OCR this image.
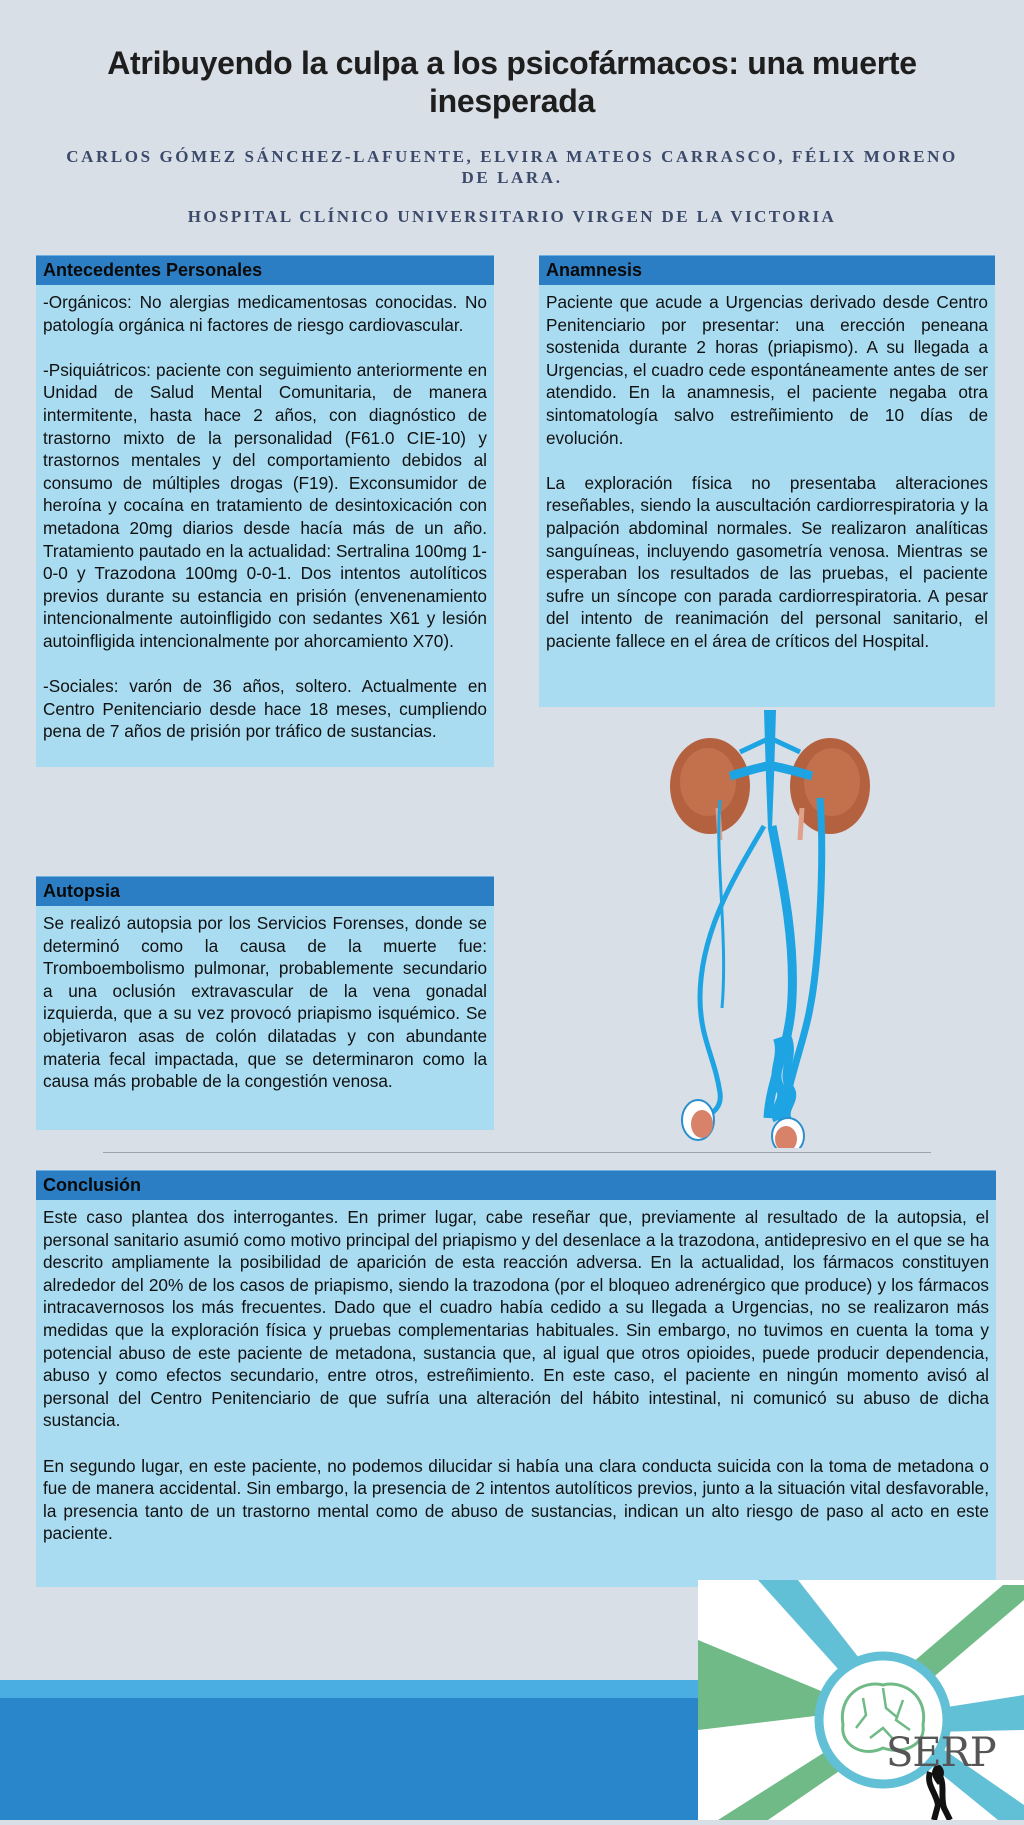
Atribuyendo la culpa a los psicofármacos: una muerte inesperada
CARLOS GÓMEZ SÁNCHEZ-LAFUENTE, ELVIRA MATEOS CARRASCO, FÉLIX MORENO DE LARA.
HOSPITAL CLÍNICO UNIVERSITARIO VIRGEN DE LA VICTORIA
Antecedentes Personales

-Orgánicos: No alergias medicamentosas conocidas. No patología orgánica ni factores de riesgo cardiovascular.

-Psiquiátricos: paciente con seguimiento anteriormente en Unidad de Salud Mental Comunitaria, de manera intermitente, hasta hace 2 años, con diagnóstico de trastorno mixto de la personalidad (F61.0 CIE-10) y trastornos mentales y del comportamiento debidos al consumo de múltiples drogas (F19). Exconsumidor de heroína y cocaína en tratamiento de desintoxicación con metadona 20mg diarios desde hacía más de un año. Tratamiento pautado en la actualidad: Sertralina 100mg 1-0-0 y Trazodona 100mg 0-0-1. Dos intentos autolíticos previos durante su estancia en prisión (envenenamiento intencionalmente autoinfligido con sedantes X61 y lesión autoinfligida intencionalmente por ahorcamiento X70).

-Sociales: varón de 36 años, soltero. Actualmente en Centro Penitenciario desde hace 18 meses, cumpliendo pena de 7 años de prisión por tráfico de sustancias.

Anamnesis

Paciente que acude a Urgencias derivado desde Centro Penitenciario por presentar: una erección peneana sostenida durante 2 horas (priapismo). A su llegada a Urgencias, el cuadro cede espontáneamente antes de ser atendido. En la anamnesis, el paciente negaba otra sintomatología salvo estreñimiento de 10 días de evolución.

La exploración física no presentaba alteraciones reseñables, siendo la auscultación cardiorrespiratoria y la palpación abdominal normales. Se realizaron analíticas sanguíneas, incluyendo gasometría venosa. Mientras se esperaban los resultados de las pruebas, el paciente sufre un síncope con parada cardiorrespiratoria. A pesar del intento de reanimación del personal sanitario, el paciente fallece en el área de críticos del Hospital.

Autopsia

Se realizó autopsia por los Servicios Forenses, donde se determinó como la causa de la muerte fue: Tromboembolismo pulmonar, probablemente secundario a una oclusión extravascular de la vena gonadal izquierda, que a su vez provocó priapismo isquémico. Se objetivaron asas de colón dilatadas y con abundante materia fecal impactada, que se determinaron como la causa más probable de la congestión venosa.

Conclusión

Este caso plantea dos interrogantes. En primer lugar, cabe reseñar que, previamente al resultado de la autopsia, el personal sanitario asumió como motivo principal del priapismo y del desenlace a la trazodona, antidepresivo en el que se ha descrito ampliamente la posibilidad de aparición de esta reacción adversa. En la actualidad, los fármacos constituyen alrededor del 20% de los casos de priapismo, siendo la trazodona (por el bloqueo adrenérgico que produce) y los fármacos intracavernosos los más frecuentes. Dado que el cuadro había cedido a su llegada a Urgencias, no se realizaron más medidas que la exploración física y pruebas complementarias habituales. Sin embargo, no tuvimos en cuenta la toma y potencial abuso de este paciente de metadona, sustancia que, al igual que otros opioides, puede producir dependencia, abuso y como efectos secundario, entre otros, estreñimiento. En este caso, el paciente en ningún momento avisó al personal del Centro Penitenciario de que sufría una alteración del hábito intestinal, ni comunicó su abuso de dicha sustancia.

En segundo lugar, en este paciente, no podemos dilucidar si había una clara conducta suicida con la toma de metadona o fue de manera accidental. Sin embargo, la presencia de 2 intentos autolíticos previos, junto a la situación vital desfavorable, la presencia tanto de un trastorno mental como de abuso de sustancias, indican un alto riesgo de paso al acto en este paciente.

SERP
